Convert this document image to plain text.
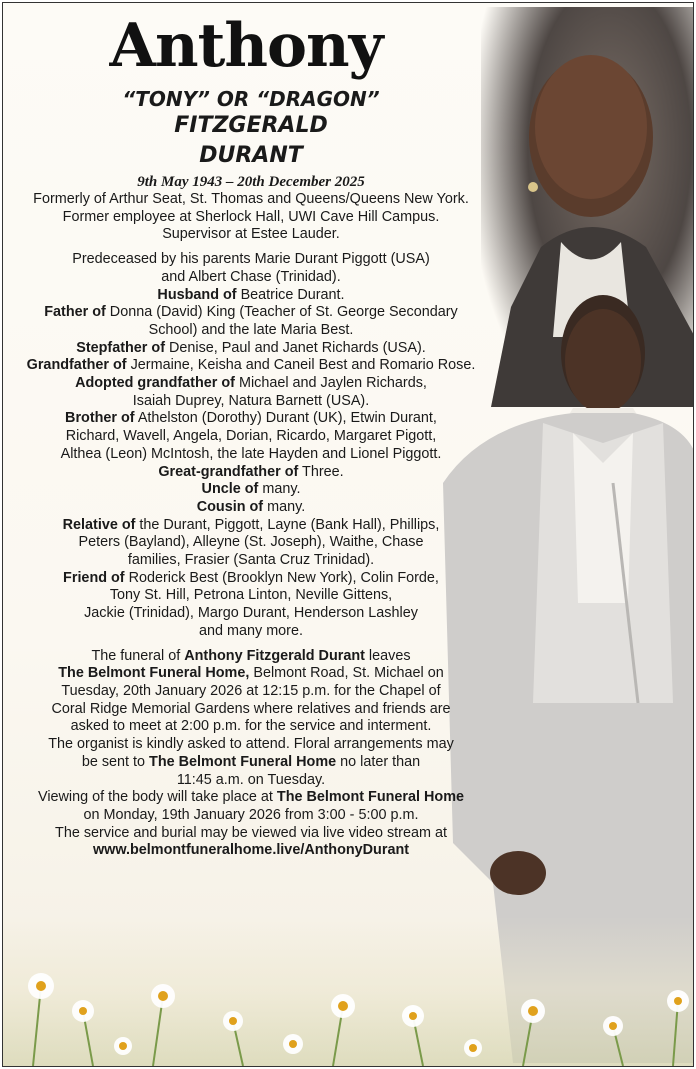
Anthony
“TONY” OR “DRAGON”
FITZGERALD
DURANT
9th May 1943 – 20th December 2025
Formerly of Arthur Seat, St. Thomas and Queens/Queens New York.
Former employee at Sherlock Hall, UWI Cave Hill Campus.
Supervisor at Estee Lauder.
Predeceased by his parents Marie Durant Piggott (USA)
and Albert Chase (Trinidad).
Husband of Beatrice Durant.
Father of Donna (David) King (Teacher of St. George Secondary
School) and the late Maria Best.
Stepfather of Denise, Paul and Janet Richards (USA).
Grandfather of Jermaine, Keisha and Caneil Best and Romario Rose.
Adopted grandfather of Michael and Jaylen Richards,
Isaiah Duprey, Natura Barnett (USA).
Brother of Athelston (Dorothy) Durant (UK), Etwin Durant,
Richard, Wavell, Angela, Dorian, Ricardo, Margaret Pigott,
Althea (Leon) McIntosh, the late Hayden and Lionel Piggott.
Great-grandfather of Three.
Uncle of many.
Cousin of many.
Relative of the Durant, Piggott, Layne (Bank Hall), Phillips,
Peters (Bayland), Alleyne (St. Joseph), Waithe, Chase
families, Frasier (Santa Cruz Trinidad).
Friend of Roderick Best (Brooklyn New York), Colin Forde,
Tony St. Hill, Petrona Linton, Neville Gittens,
Jackie (Trinidad), Margo Durant, Henderson Lashley
and many more.
The funeral of Anthony Fitzgerald Durant leaves
The Belmont Funeral Home, Belmont Road, St. Michael on
Tuesday, 20th January 2026 at 12:15 p.m. for the Chapel of
Coral Ridge Memorial Gardens where relatives and friends are
asked to meet at 2:00 p.m. for the service and interment.
The organist is kindly asked to attend. Floral arrangements may
be sent to The Belmont Funeral Home no later than
11:45 a.m. on Tuesday.
Viewing of the body will take place at The Belmont Funeral Home
on Monday, 19th January 2026 from 3:00 - 5:00 p.m.
The service and burial may be viewed via live video stream at
www.belmontfuneralhome.live/AnthonyDurant
